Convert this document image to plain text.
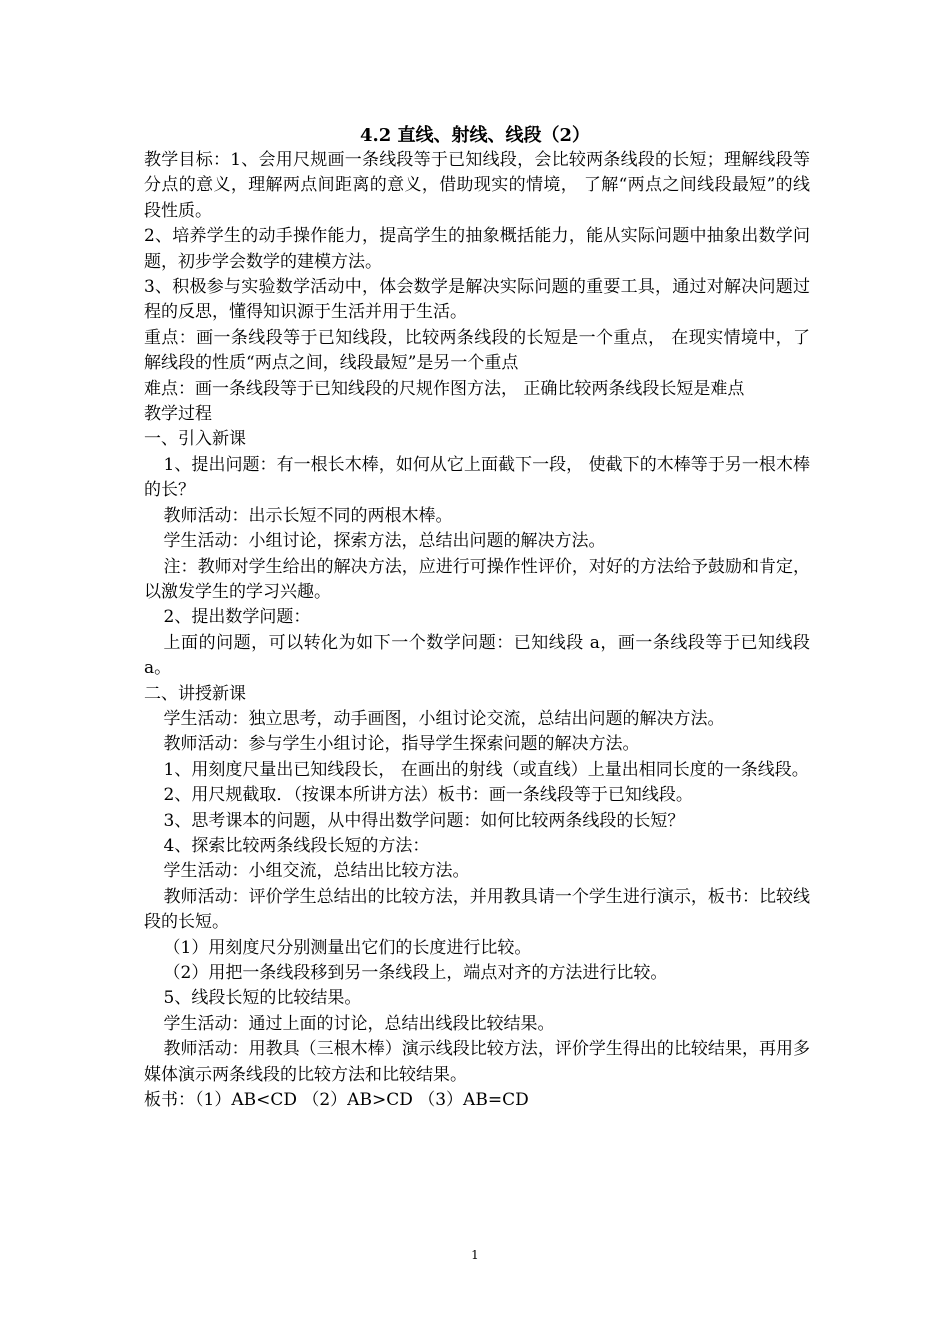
4.2 直线、射线、线段（2）

教学目标：1、会用尺规画一条线段等于已知线段，会比较两条线段的长短；理解线段等分点的意义，理解两点间距离的意义，借助现实的情境， 了解“两点之间线段最短”的线段性质。

2、培养学生的动手操作能力，提高学生的抽象概括能力，能从实际问题中抽象出数学问题，初步学会数学的建模方法。

3、积极参与实验数学活动中，体会数学是解决实际问题的重要工具，通过对解决问题过程的反思，懂得知识源于生活并用于生活。

重点：画一条线段等于已知线段，比较两条线段的长短是一个重点， 在现实情境中，了解线段的性质“两点之间，线段最短”是另一个重点

难点：画一条线段等于已知线段的尺规作图方法， 正确比较两条线段长短是难点

教学过程

一、引入新课

1、提出问题：有一根长木棒，如何从它上面截下一段， 使截下的木棒等于另一根木棒的长？

教师活动：出示长短不同的两根木棒。

学生活动：小组讨论，探索方法，总结出问题的解决方法。

注：教师对学生给出的解决方法，应进行可操作性评价，对好的方法给予鼓励和肯定，以激发学生的学习兴趣。

2、提出数学问题：

上面的问题，可以转化为如下一个数学问题：已知线段 a，画一条线段等于已知线段 a。

二、讲授新课

学生活动：独立思考，动手画图，小组讨论交流，总结出问题的解决方法。

教师活动：参与学生小组讨论，指导学生探索问题的解决方法。

1、用刻度尺量出已知线段长， 在画出的射线（或直线）上量出相同长度的一条线段。

2、用尺规截取．（按课本所讲方法）板书：画一条线段等于已知线段。

3、思考课本的问题，从中得出数学问题：如何比较两条线段的长短？

4、探索比较两条线段长短的方法：

学生活动：小组交流，总结出比较方法。

教师活动：评价学生总结出的比较方法，并用教具请一个学生进行演示，板书：比较线段的长短。

（1）用刻度尺分别测量出它们的长度进行比较。

（2）用把一条线段移到另一条线段上，端点对齐的方法进行比较。

5、线段长短的比较结果。

学生活动：通过上面的讨论，总结出线段比较结果。

教师活动：用教具（三根木棒）演示线段比较方法，评价学生得出的比较结果，再用多媒体演示两条线段的比较方法和比较结果。

板书：（1）AB<CD （2）AB>CD （3）AB=CD

1
